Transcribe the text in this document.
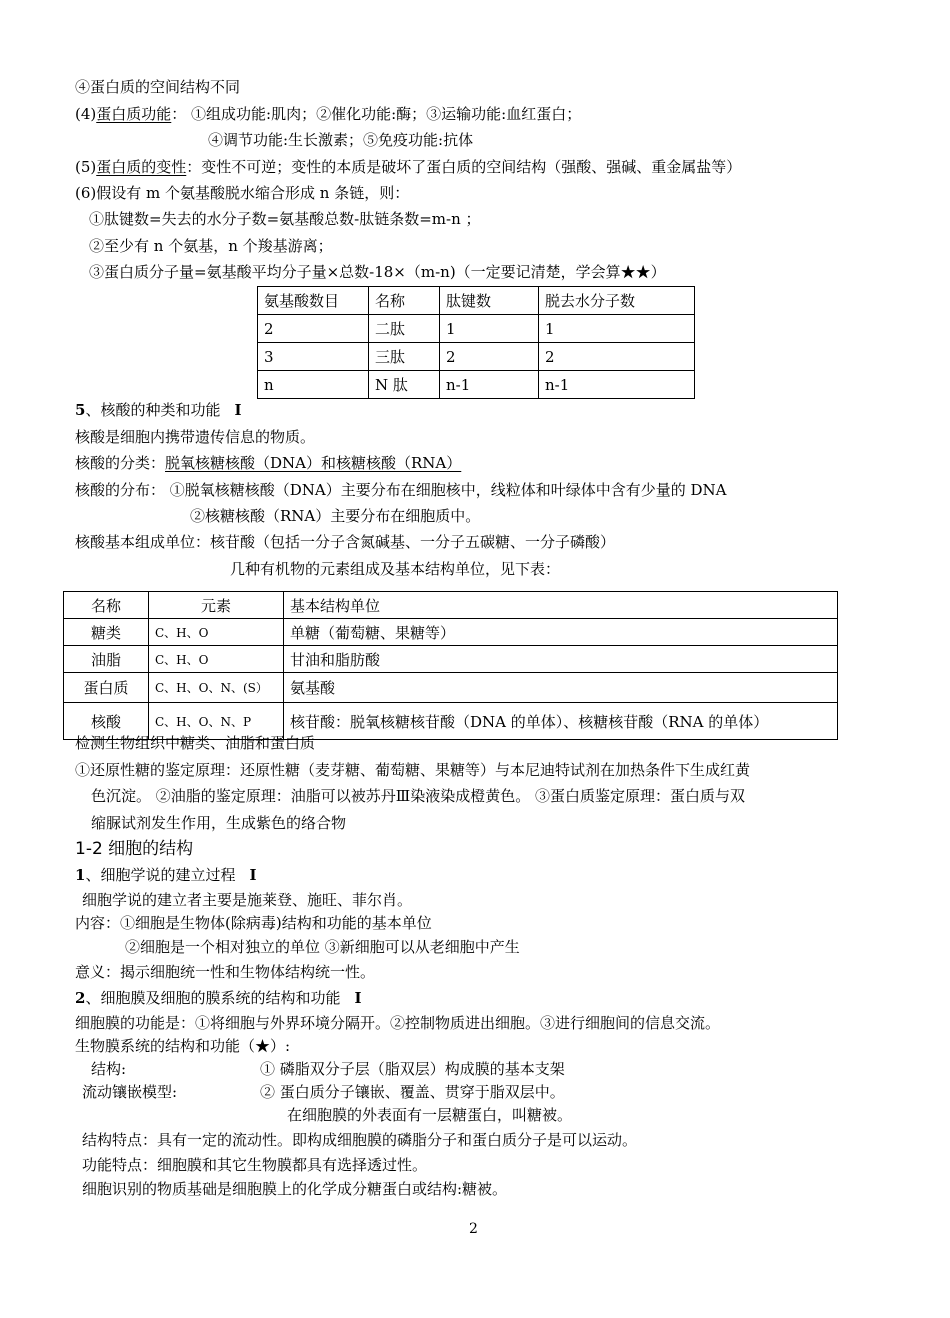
④蛋白质的空间结构不同
(4)蛋白质功能： ①组成功能:肌肉；②催化功能:酶；③运输功能:血红蛋白；
④调节功能:生长激素；⑤免疫功能:抗体
(5)蛋白质的变性：变性不可逆；变性的本质是破坏了蛋白质的空间结构（强酸、强碱、重金属盐等）
(6)假设有 m 个氨基酸脱水缩合形成 n 条链，则：
①肽键数=失去的水分子数=氨基酸总数-肽链条数=m-n ；
②至少有 n 个氨基，n 个羧基游离；
③蛋白质分子量=氨基酸平均分子量×总数-18×（m-n)（一定要记清楚，学会算★★）
氨基酸数目	名称	肽键数	脱去水分子数
2	二肽	1	1
3	三肽	2	2
n	N 肽	n-1	n-1
5、核酸的种类和功能 I
核酸是细胞内携带遗传信息的物质。
核酸的分类：脱氧核糖核酸（DNA）和核糖核酸（RNA）
核酸的分布： ①脱氧核糖核酸（DNA）主要分布在细胞核中，线粒体和叶绿体中含有少量的 DNA
②核糖核酸（RNA）主要分布在细胞质中。
核酸基本组成单位：核苷酸（包括一分子含氮碱基、一分子五碳糖、一分子磷酸）
几种有机物的元素组成及基本结构单位，见下表：
名称	元素	基本结构单位
糖类	C、H、O	单糖（葡萄糖、果糖等）
油脂	C、H、O	甘油和脂肪酸
蛋白质	C、H、O、N、(S）	氨基酸
核酸	C、H、O、N、P	核苷酸：脱氧核糖核苷酸（DNA 的单体）、核糖核苷酸（RNA 的单体）
检测生物组织中糖类、油脂和蛋白质
①还原性糖的鉴定原理：还原性糖（麦芽糖、葡萄糖、果糖等）与本尼迪特试剂在加热条件下生成红黄
色沉淀。 ②油脂的鉴定原理：油脂可以被苏丹Ⅲ染液染成橙黄色。 ③蛋白质鉴定原理：蛋白质与双
缩脲试剂发生作用，生成紫色的络合物
1-2 细胞的结构
1、细胞学说的建立过程 I
细胞学说的建立者主要是施莱登、施旺、菲尔肖。
内容：①细胞是生物体(除病毒)结构和功能的基本单位
②细胞是一个相对独立的单位 ③新细胞可以从老细胞中产生
意义：揭示细胞统一性和生物体结构统一性。
2、细胞膜及细胞的膜系统的结构和功能 I
细胞膜的功能是：①将细胞与外界环境分隔开。②控制物质进出细胞。③进行细胞间的信息交流。
生物膜系统的结构和功能（★）:
结构:	① 磷脂双分子层（脂双层）构成膜的基本支架
流动镶嵌模型:	② 蛋白质分子镶嵌、覆盖、贯穿于脂双层中。
在细胞膜的外表面有一层糖蛋白，叫糖被。
结构特点：具有一定的流动性。即构成细胞膜的磷脂分子和蛋白质分子是可以运动。
功能特点：细胞膜和其它生物膜都具有选择透过性。
细胞识别的物质基础是细胞膜上的化学成分糖蛋白或结构:糖被。
2
